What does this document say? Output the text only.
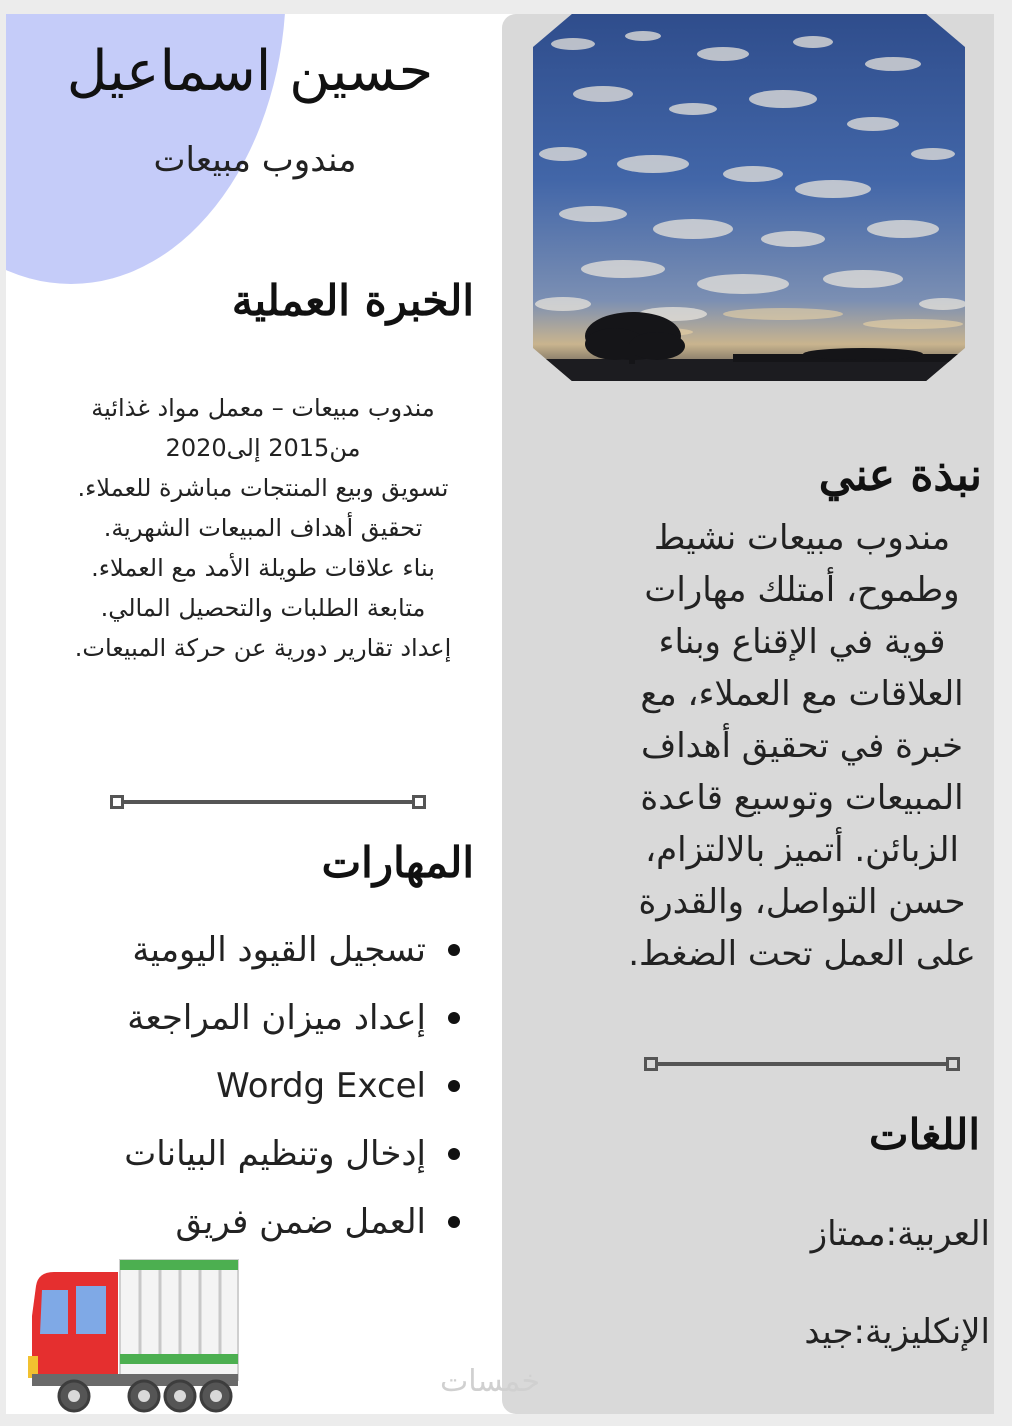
حسين اسماعيل
مندوب مبيعات
الخبرة العملية
مندوب مبيعات – معمل مواد غذائية
من2015 إلى2020
تسويق وبيع المنتجات مباشرة للعملاء.
تحقيق أهداف المبيعات الشهرية.
بناء علاقات طويلة الأمد مع العملاء.
متابعة الطلبات والتحصيل المالي.
إعداد تقارير دورية عن حركة المبيعات.
المهارات
تسجيل القيود اليومية
إعداد ميزان المراجعة
Wordg Excel
إدخال وتنظيم البيانات
العمل ضمن فريق
نبذة عني
مندوب مبيعات نشيط
وطموح، أمتلك مهارات
قوية في الإقناع وبناء
العلاقات مع العملاء، مع
خبرة في تحقيق أهداف
المبيعات وتوسيع قاعدة
الزبائن. أتميز بالالتزام،
حسن التواصل، والقدرة
على العمل تحت الضغط.
اللغات
العربية:ممتاز
الإنكليزية:جيد
خمسات
